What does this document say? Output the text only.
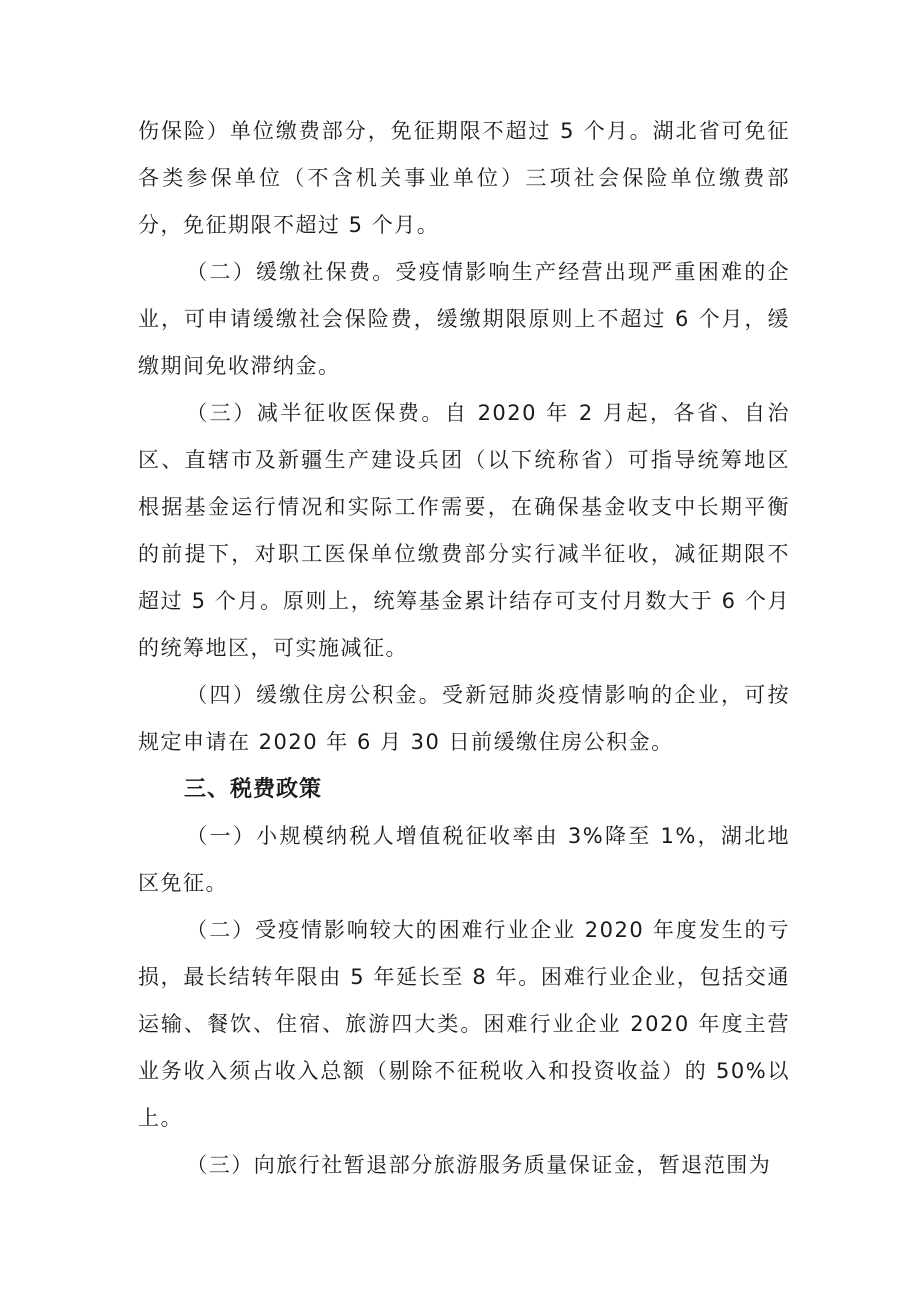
伤保险）单位缴费部分，免征期限不超过 5 个月。湖北省可免征各类参保单位（不含机关事业单位）三项社会保险单位缴费部分，免征期限不超过 5 个月。

（二）缓缴社保费。受疫情影响生产经营出现严重困难的企业，可申请缓缴社会保险费，缓缴期限原则上不超过 6 个月，缓缴期间免收滞纳金。

（三）减半征收医保费。自 2020 年 2 月起，各省、自治区、直辖市及新疆生产建设兵团（以下统称省）可指导统筹地区根据基金运行情况和实际工作需要，在确保基金收支中长期平衡的前提下，对职工医保单位缴费部分实行减半征收，减征期限不超过 5 个月。原则上，统筹基金累计结存可支付月数大于 6 个月的统筹地区，可实施减征。

（四）缓缴住房公积金。受新冠肺炎疫情影响的企业，可按规定申请在 2020 年 6 月 30 日前缓缴住房公积金。

三、税费政策

（一）小规模纳税人增值税征收率由 3%降至 1%，湖北地区免征。

（二）受疫情影响较大的困难行业企业 2020 年度发生的亏损，最长结转年限由 5 年延长至 8 年。困难行业企业，包括交通运输、餐饮、住宿、旅游四大类。困难行业企业 2020 年度主营业务收入须占收入总额（剔除不征税收入和投资收益）的 50%以上。

（三）向旅行社暂退部分旅游服务质量保证金，暂退范围为
